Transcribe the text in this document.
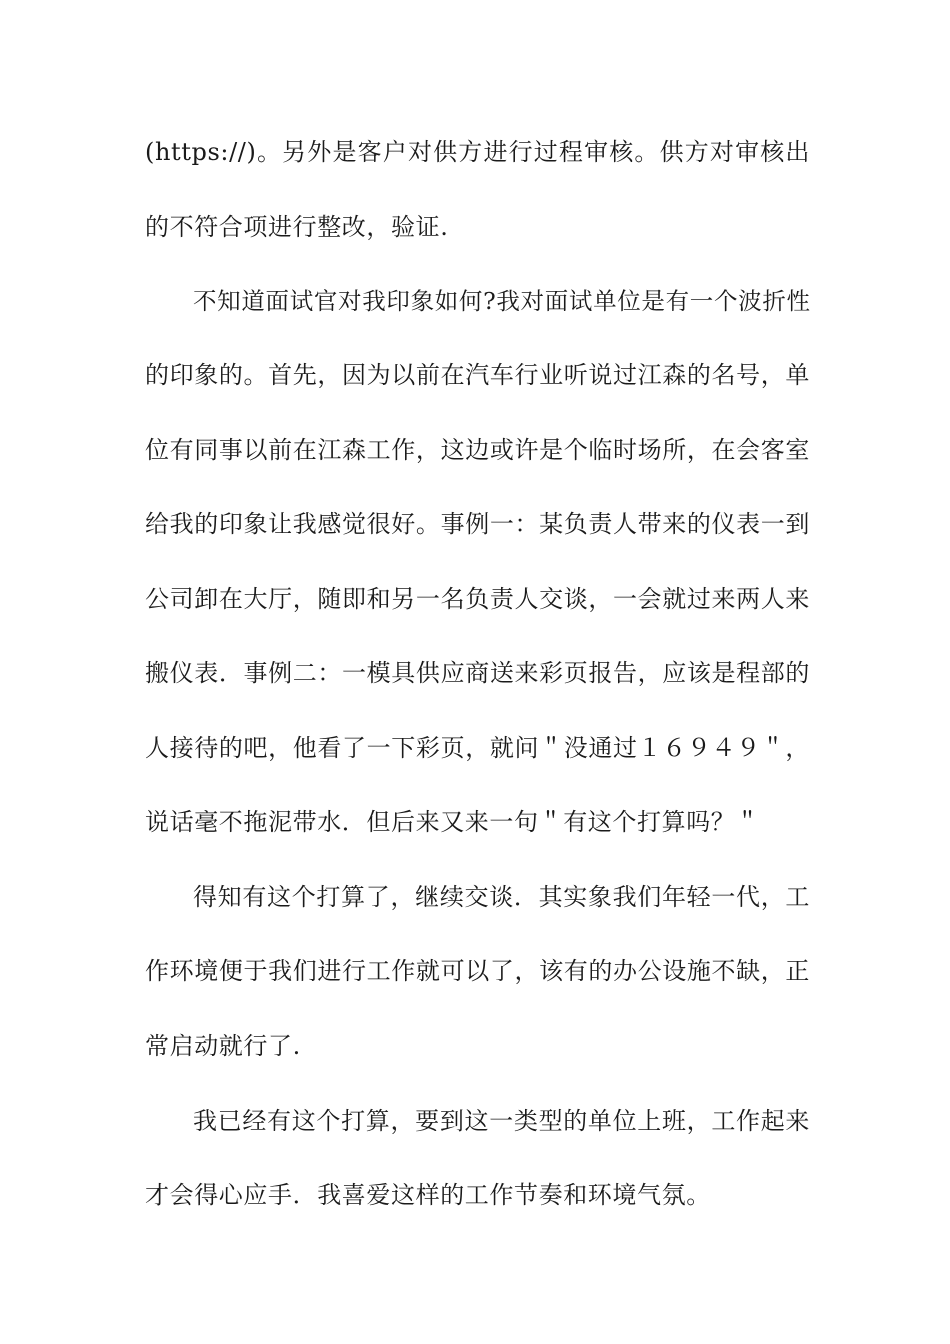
(https://)。另外是客户对供方进行过程审核。供方对审核出
的不符合项进行整改，验证.
不知道面试官对我印象如何?我对面试单位是有一个波折性
的印象的。首先，因为以前在汽车行业听说过江森的名号，单
位有同事以前在江森工作，这边或许是个临时场所，在会客室
给我的印象让我感觉很好。事例一：某负责人带来的仪表一到
公司卸在大厅，随即和另一名负责人交谈，一会就过来两人来
搬仪表．事例二：一模具供应商送来彩页报告，应该是程部的
人接待的吧，他看了一下彩页，就问＂没通过１６９４９＂，
说话毫不拖泥带水．但后来又来一句＂有这个打算吗？＂
得知有这个打算了，继续交谈．其实象我们年轻一代，工
作环境便于我们进行工作就可以了，该有的办公设施不缺，正
常启动就行了.
我已经有这个打算，要到这一类型的单位上班，工作起来
才会得心应手．我喜爱这样的工作节奏和环境气氛。
